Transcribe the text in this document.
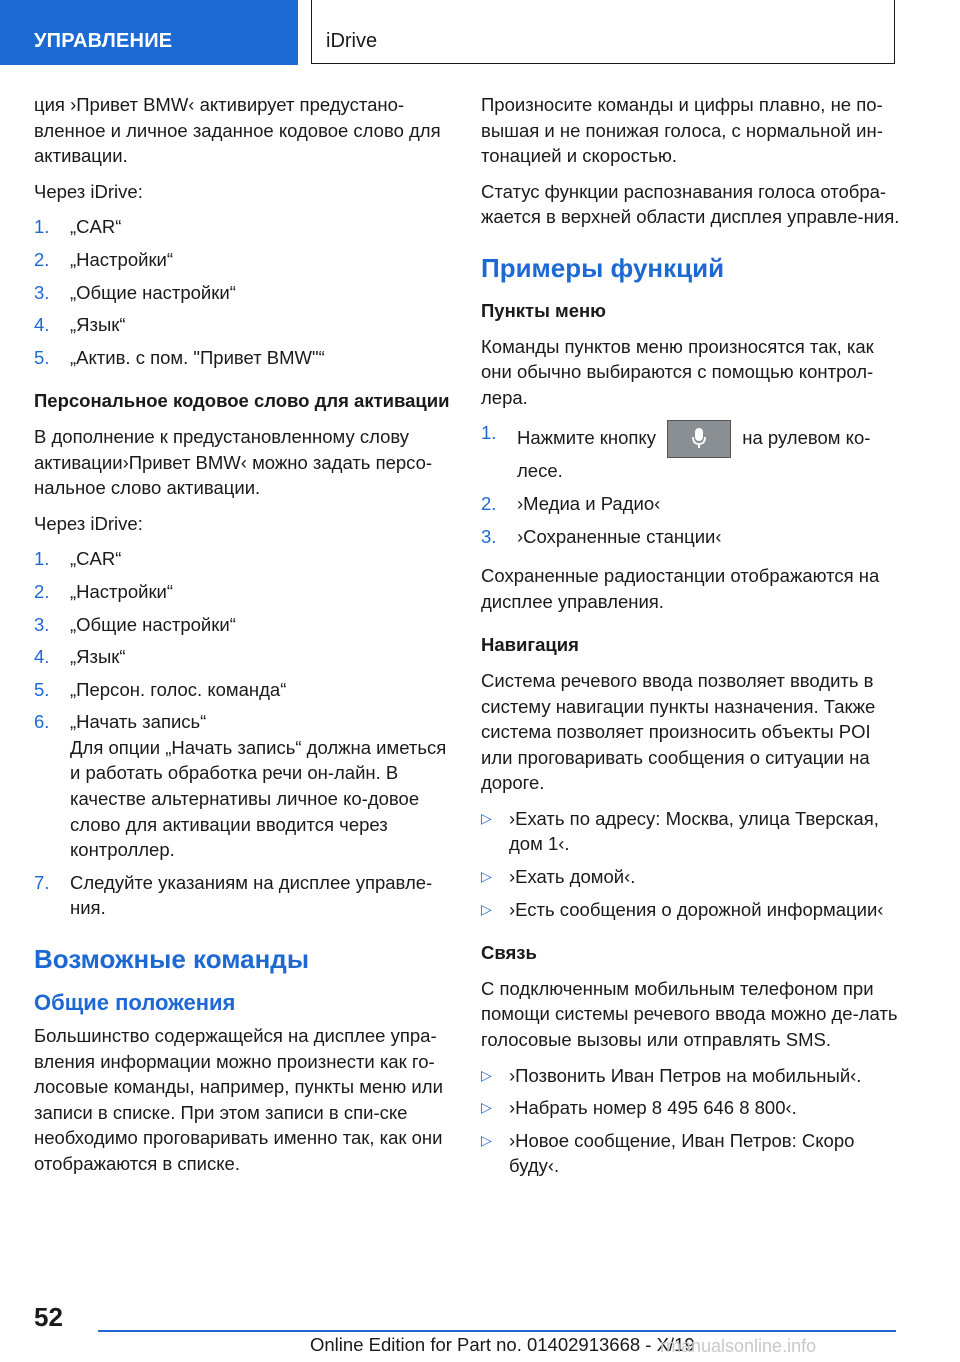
УПРАВЛЕНИЕ	iDrive

ция ›Привет BMW‹ активирует предустано-вленное и личное заданное кодовое слово для активации.

Через iDrive:

1.	„CAR“
2.	„Настройки“
3.	„Общие настройки“
4.	„Язык“
5.	„Актив. с пом. "Привет BMW"“
Персональное кодовое слово для активации

В дополнение к предустановленному слову активации›Привет BMW‹ можно задать персо-нальное слово активации.

Через iDrive:

1.	„CAR“
2.	„Настройки“
3.	„Общие настройки“
4.	„Язык“
5.	„Персон. голос. команда“
6.	„Начать запись“
Для опции „Начать запись“ должна иметься и работать обработка речи он-лайн. В качестве альтернативы личное ко-довое слово для активации вводится через контроллер.
7.	Следуйте указаниям на дисплее управле-ния.
Возможные команды
Общие положения

Большинство содержащейся на дисплее упра-вления информации можно произнести как го-лосовые команды, например, пункты меню или записи в списке. При этом записи в спи-ске необходимо проговаривать именно так, как они отображаются в списке.

Произносите команды и цифры плавно, не по-вышая и не понижая голоса, с нормальной ин-тонацией и скоростью.

Статус функции распознавания голоса отобра-жается в верхней области дисплея управле-ния.

Примеры функций
Пункты меню

Команды пунктов меню произносятся так, как они обычно выбираются с помощью контрол-лера.

1.	Нажмите кнопку	на рулевом ко-лесе.
2.	›Медиа и Радио‹
3.	›Сохраненные станции‹

Сохраненные радиостанции отображаются на дисплее управления.

Навигация

Система речевого ввода позволяет вводить в систему навигации пункты назначения. Также система позволяет произносить объекты POI или проговаривать сообщения о ситуации на дороге.

▷ ›Ехать по адресу: Москва, улица Тверская, дом 1‹.
▷ ›Ехать домой‹.
▷ ›Есть сообщения о дорожной информации‹
Связь

С подключенным мобильным телефоном при помощи системы речевого ввода можно де-лать голосовые вызовы или отправлять SMS.

▷ ›Позвонить Иван Петров на мобильный‹.
▷ ›Набрать номер 8 495 646 8 800‹.
▷ ›Новое сообщение, Иван Петров: Скоро буду‹.
52
Online Edition for Part no. 01402913668 - X/19
rmanualsonline.info
